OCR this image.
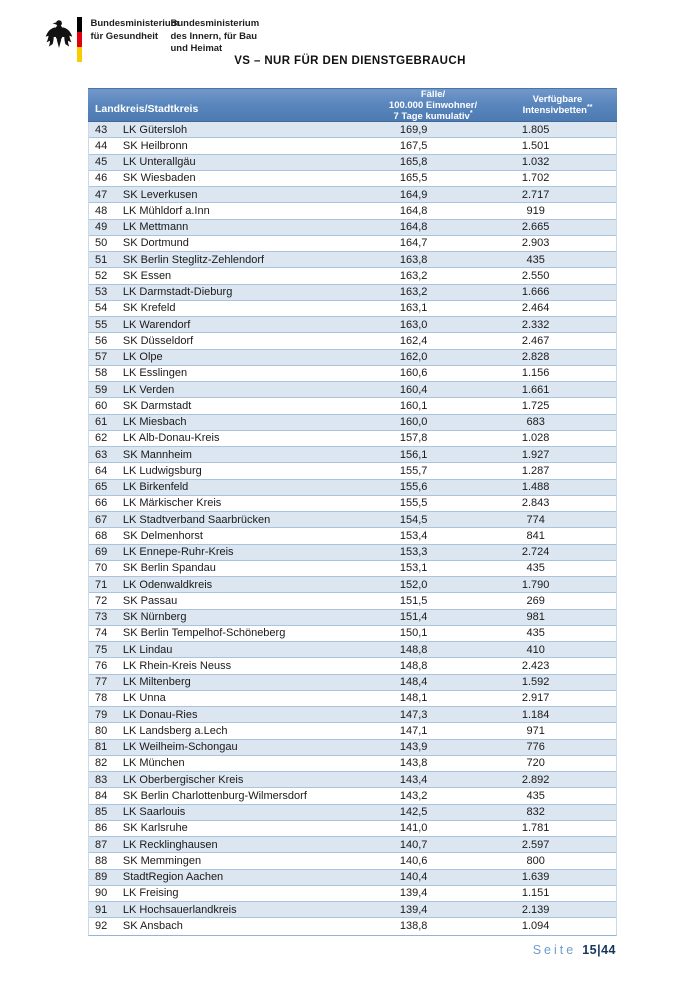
Bundesministerium
für Gesundheit
Bundesministerium
des Innern, für Bau
und Heimat
VS – NUR FÜR DEN DIENSTGEBRAUCH
Landkreis/Stadtkreis
Fälle/
100.000 Einwohner/
7 Tage kumulativ*
Verfügbare
Intensivbetten**
43	LK Gütersloh	169,9	1.805
44	SK Heilbronn	167,5	1.501
45	LK Unterallgäu	165,8	1.032
46	SK Wiesbaden	165,5	1.702
47	SK Leverkusen	164,9	2.717
48	LK Mühldorf a.Inn	164,8	919
49	LK Mettmann	164,8	2.665
50	SK Dortmund	164,7	2.903
51	SK Berlin Steglitz-Zehlendorf	163,8	435
52	SK Essen	163,2	2.550
53	LK Darmstadt-Dieburg	163,2	1.666
54	SK Krefeld	163,1	2.464
55	LK Warendorf	163,0	2.332
56	SK Düsseldorf	162,4	2.467
57	LK Olpe	162,0	2.828
58	LK Esslingen	160,6	1.156
59	LK Verden	160,4	1.661
60	SK Darmstadt	160,1	1.725
61	LK Miesbach	160,0	683
62	LK Alb-Donau-Kreis	157,8	1.028
63	SK Mannheim	156,1	1.927
64	LK Ludwigsburg	155,7	1.287
65	LK Birkenfeld	155,6	1.488
66	LK Märkischer Kreis	155,5	2.843
67	LK Stadtverband Saarbrücken	154,5	774
68	SK Delmenhorst	153,4	841
69	LK Ennepe-Ruhr-Kreis	153,3	2.724
70	SK Berlin Spandau	153,1	435
71	LK Odenwaldkreis	152,0	1.790
72	SK Passau	151,5	269
73	SK Nürnberg	151,4	981
74	SK Berlin Tempelhof-Schöneberg	150,1	435
75	LK Lindau	148,8	410
76	LK Rhein-Kreis Neuss	148,8	2.423
77	LK Miltenberg	148,4	1.592
78	LK Unna	148,1	2.917
79	LK Donau-Ries	147,3	1.184
80	LK Landsberg a.Lech	147,1	971
81	LK Weilheim-Schongau	143,9	776
82	LK München	143,8	720
83	LK Oberbergischer Kreis	143,4	2.892
84	SK Berlin Charlottenburg-Wilmersdorf	143,2	435
85	LK Saarlouis	142,5	832
86	SK Karlsruhe	141,0	1.781
87	LK Recklinghausen	140,7	2.597
88	SK Memmingen	140,6	800
89	StadtRegion Aachen	140,4	1.639
90	LK Freising	139,4	1.151
91	LK Hochsauerlandkreis	139,4	2.139
92	SK Ansbach	138,8	1.094
Seite 15|44
